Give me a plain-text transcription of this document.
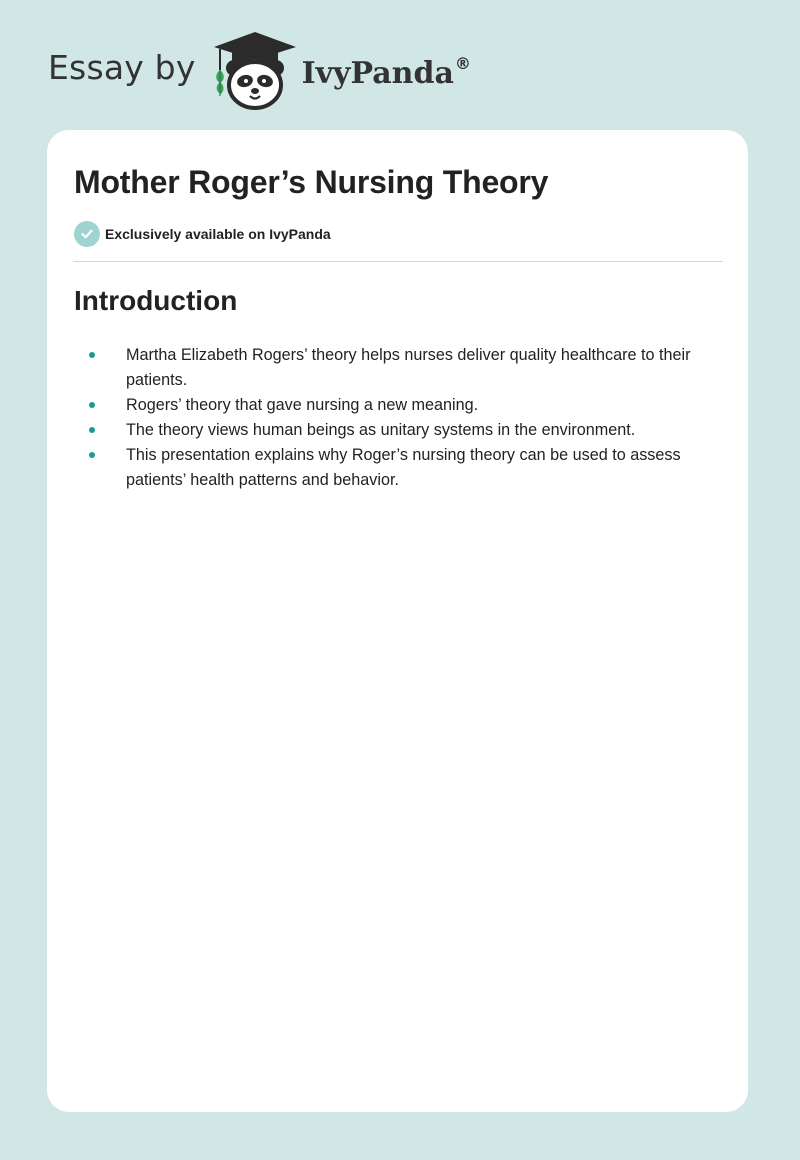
Essay by	IvyPanda®
Mother Roger’s Nursing Theory
Exclusively available on IvyPanda
Introduction
Martha Elizabeth Rogers’ theory helps nurses deliver quality healthcare to their patients.
Rogers’ theory that gave nursing a new meaning.
The theory views human beings as unitary systems in the environment.
This presentation explains why Roger’s nursing theory can be used to assess patients’ health patterns and behavior.
